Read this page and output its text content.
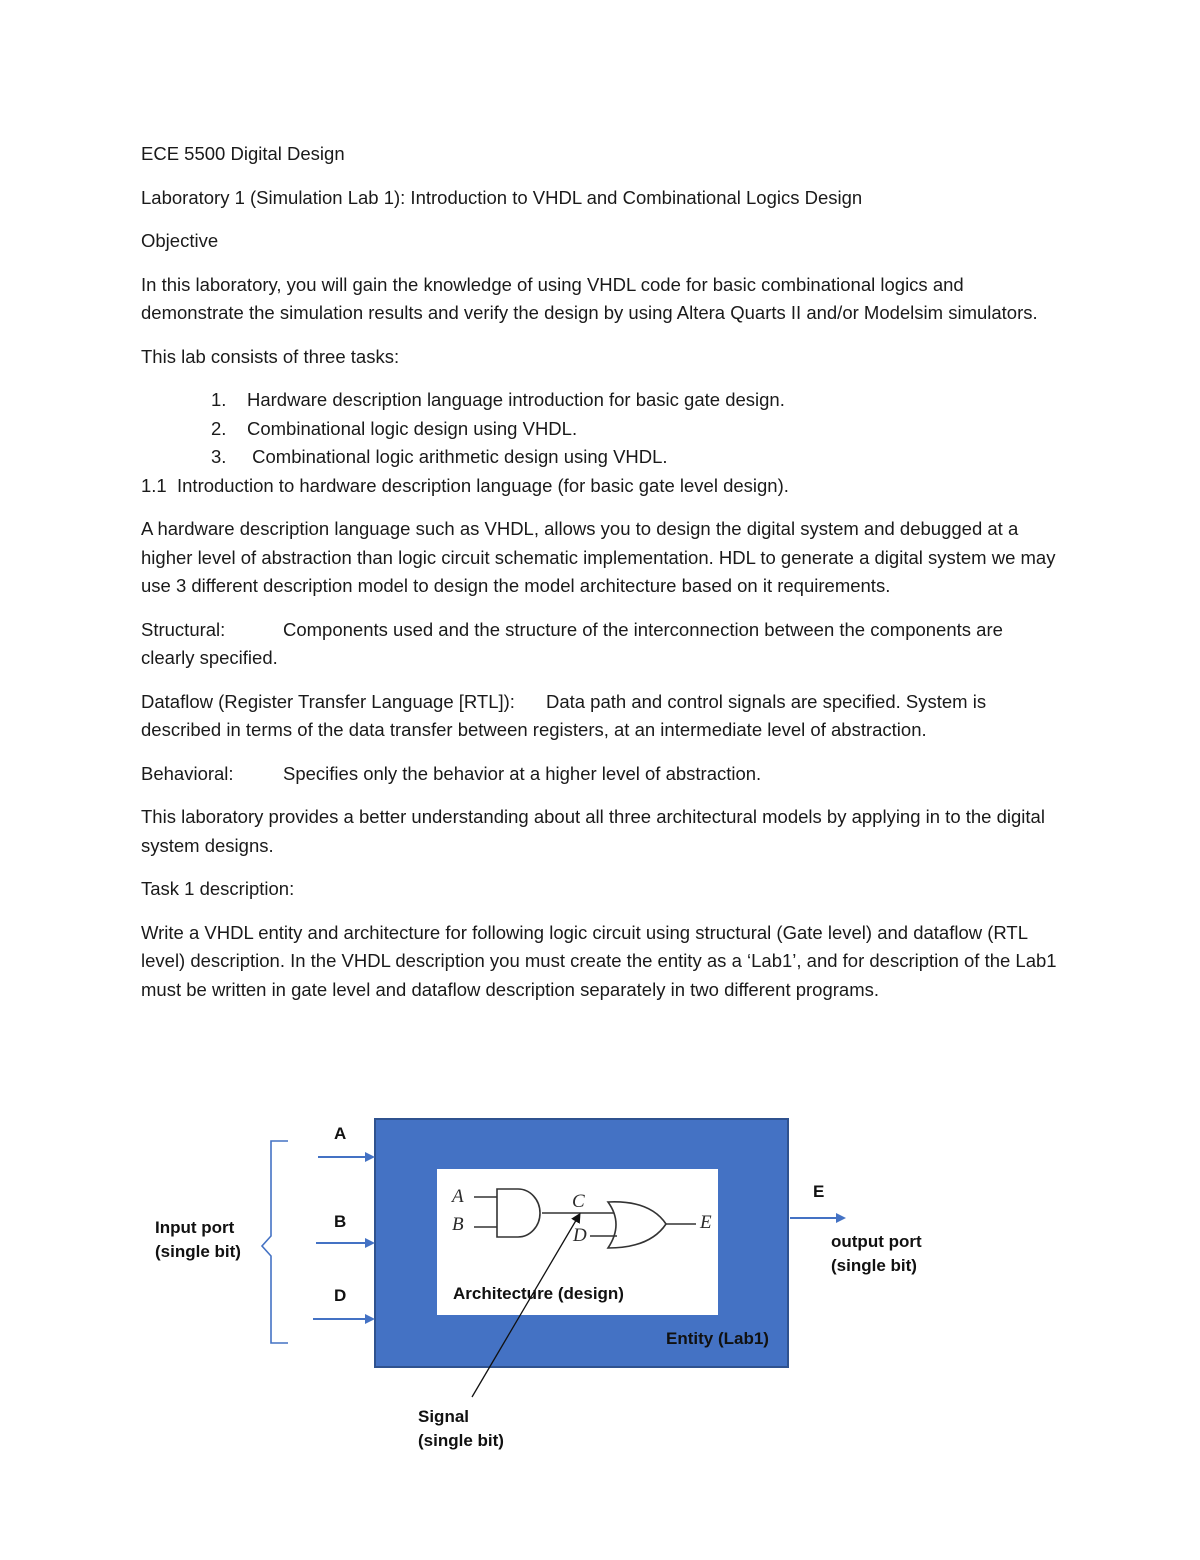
ECE 5500 Digital Design

Laboratory 1 (Simulation Lab 1): Introduction to VHDL and Combinational Logics Design

Objective

In this laboratory, you will gain the knowledge of using VHDL code for basic combinational logics and demonstrate the simulation results and verify the design by using Altera Quarts II and/or Modelsim simulators.

This lab consists of three tasks:

1. Hardware description language introduction for basic gate design.
2. Combinational logic design using VHDL.
3. Combinational logic arithmetic design using VHDL.

1.1  Introduction to hardware description language (for basic gate level design).

A hardware description language such as VHDL, allows you to design the digital system and debugged at a higher level of abstraction than logic circuit schematic implementation. HDL to generate a digital system we may use 3 different description model to design the model architecture based on it requirements.

Structural:	Components used and the structure of the interconnection between the components are clearly specified.

Dataflow (Register Transfer Language [RTL]): Data path and control signals are specified. System is described in terms of the data transfer between registers, at an intermediate level of abstraction.

Behavioral:	Specifies only the behavior at a higher level of abstraction.

This laboratory provides a better understanding about all three architectural models by applying in to the digital system designs.

Task 1 description:

Write a VHDL entity and architecture for following logic circuit using structural (Gate level) and dataflow (RTL level) description. In the VHDL description you must create the entity as a ‘Lab1’, and for description of the Lab1 must be written in gate level and dataflow description separately in two different programs.

A
B
D
E
Input port
(single bit)
output port
(single bit)
Architecture (design)
Entity (Lab1)
Signal
(single bit)
A
B
C
D
E
